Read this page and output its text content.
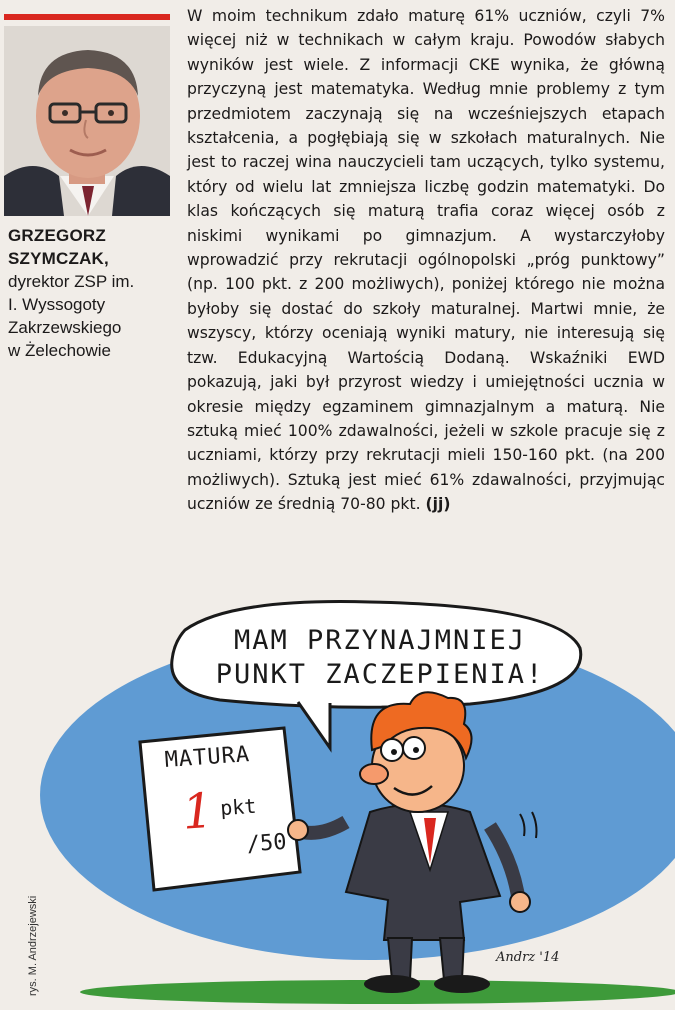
GRZEGORZ
SZYMCZAK,
dyrektor ZSP im.
I. Wyssogoty
Zakrzewskiego
w Żelechowie

W moim technikum zdało maturę 61% uczniów, czyli 7% więcej niż w technikach w całym kraju. Powodów słabych wyników jest wiele. Z informacji CKE wynika, że główną przyczyną jest matematyka. Według mnie problemy z tym przedmiotem zaczynają się na wcześniejszych etapach kształcenia, a pogłębiają się w szkołach maturalnych. Nie jest to raczej wina nauczycieli tam uczących, tylko systemu, który od wielu lat zmniejsza liczbę godzin matematyki. Do klas kończących się maturą trafia coraz więcej osób z niskimi wynikami po gimnazjum. A wystarczyłoby wprowadzić przy rekrutacji ogólnopolski „próg punktowy” (np. 100 pkt. z 200 możliwych), poniżej którego nie można byłoby się dostać do szkoły maturalnej. Martwi mnie, że wszyscy, którzy oceniają wyniki matury, nie interesują się tzw. Edukacyjną Wartością Dodaną. Wskaźniki EWD pokazują, jaki był przyrost wiedzy i umiejętności ucznia w okresie między egzaminem gimnazjalnym a maturą. Nie sztuką mieć 100% zdawalności, jeżeli w szkole pracuje się z uczniami, którzy przy rekrutacji mieli 150-160 pkt. (na 200 możliwych). Sztuką jest mieć 61% zdawalności, przyjmując uczniów ze średnią 70-80 pkt. (jj)

MAM PRZYNAJMNIEJ
PUNKT ZACZEPIENIA!
MATURA
1 pkt
/50
Andrz '14
rys. M. Andrzejewski
